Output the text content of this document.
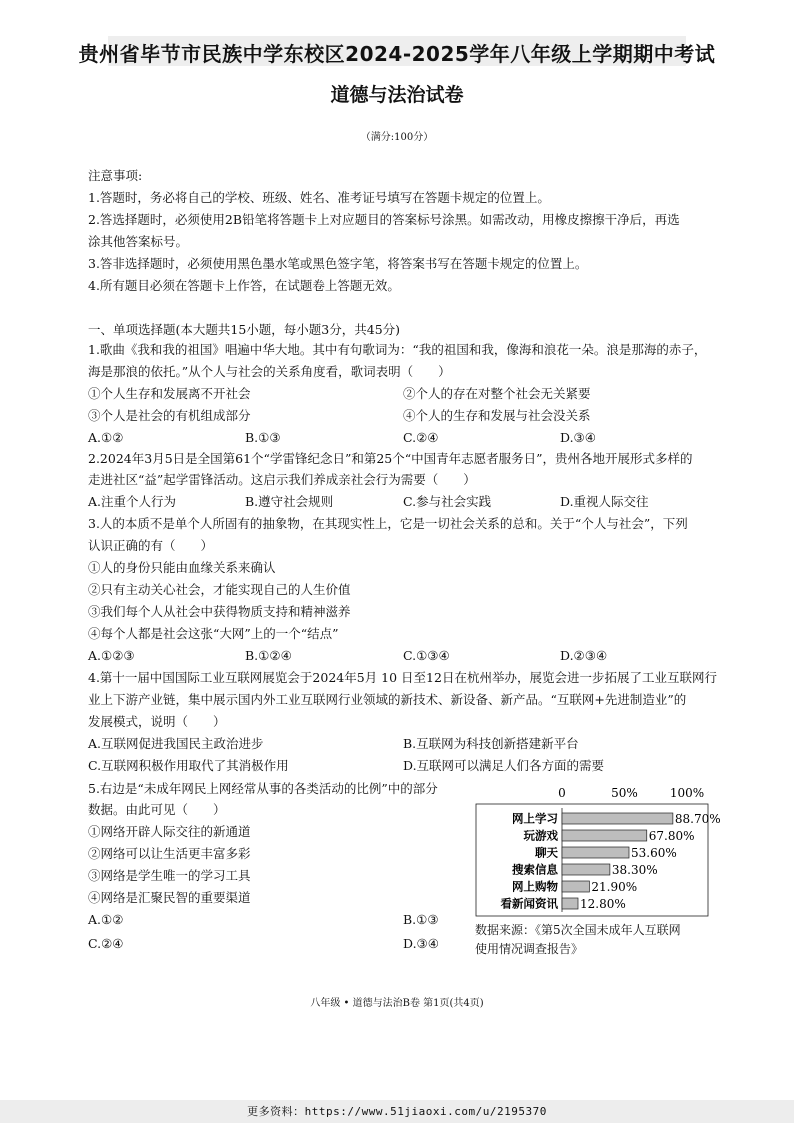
贵州省毕节市民族中学东校区2024-2025学年八年级上学期期中考试
道德与法治试卷
（满分:100分）
注意事项:
1.答题时，务必将自己的学校、班级、姓名、准考证号填写在答题卡规定的位置上。
2.答选择题时，必须使用2B铅笔将答题卡上对应题目的答案标号涂黑。如需改动，用橡皮擦擦干净后，再选
涂其他答案标号。
3.答非选择题时，必须使用黑色墨水笔或黑色签字笔，将答案书写在答题卡规定的位置上。
4.所有题目必须在答题卡上作答，在试题卷上答题无效。
一、单项选择题(本大题共15小题，每小题3分，共45分)
1.歌曲《我和我的祖国》唱遍中华大地。其中有句歌词为：“我的祖国和我，像海和浪花一朵。浪是那海的赤子，
海是那浪的依托。”从个人与社会的关系角度看，歌词表明（　　）
①个人生存和发展离不开社会	②个人的存在对整个社会无关紧要
③个人是社会的有机组成部分	④个人的生存和发展与社会没关系
A.①②	B.①③	C.②④	D.③④
2.2024年3月5日是全国第61个“学雷锋纪念日”和第25个“中国青年志愿者服务日”，贵州各地开展形式多样的
走进社区“益”起学雷锋活动。这启示我们养成亲社会行为需要（　　）
A.注重个人行为	B.遵守社会规则	C.参与社会实践	D.重视人际交往
3.人的本质不是单个人所固有的抽象物，在其现实性上，它是一切社会关系的总和。关于“个人与社会”，下列
认识正确的有（　　）
①人的身份只能由血缘关系来确认
②只有主动关心社会，才能实现自己的人生价值
③我们每个人从社会中获得物质支持和精神滋养
④每个人都是社会这张“大网”上的一个“结点”
A.①②③	B.①②④	C.①③④	D.②③④
4.第十一届中国国际工业互联网展览会于2024年5月 10 日至12日在杭州举办，展览会进一步拓展了工业互联网行
业上下游产业链，集中展示国内外工业互联网行业领域的新技术、新设备、新产品。“互联网+先进制造业”的
发展模式，说明（　　）
A.互联网促进我国民主政治进步	B.互联网为科技创新搭建新平台
C.互联网积极作用取代了其消极作用	D.互联网可以满足人们各方面的需要
5.右边是“未成年网民上网经常从事的各类活动的比例”中的部分
数据。由此可见（　　）
①网络开辟人际交往的新通道
②网络可以让生活更丰富多彩
③网络是学生唯一的学习工具
④网络是汇聚民智的重要渠道
A.①②	B.①③
C.②④	D.③④
0	50%	100%
网上学习	88.70%
玩游戏	67.80%
聊天	53.60%
搜索信息	38.30%
网上购物	21.90%
看新闻资讯 12.80%
数据来源：《第5次全国未成年人互联网
使用情况调查报告》
八年级 • 道德与法治B卷 第1页(共4页)
更多资料：https://www.51jiaoxi.com/u/2195370
